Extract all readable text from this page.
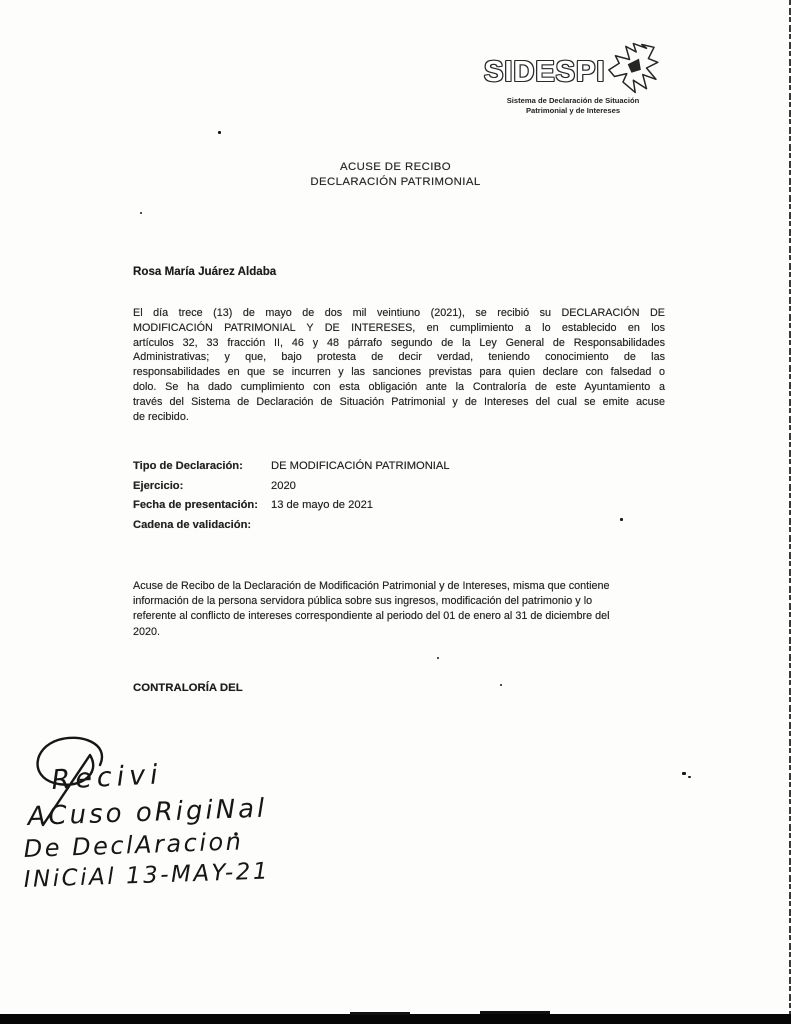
SIDESPI
Sistema de Declaración de Situación
Patrimonial y de Intereses
ACUSE DE RECIBO
DECLARACIÓN PATRIMONIAL
Rosa María Juárez Aldaba
El día trece (13) de mayo de dos mil veintiuno (2021), se recibió su DECLARACIÓN DE
MODIFICACIÓN PATRIMONIAL Y DE INTERESES, en cumplimiento a lo establecido en los
artículos 32, 33 fracción II, 46 y 48 párrafo segundo de la Ley General de Responsabilidades
Administrativas; y que, bajo protesta de decir verdad, teniendo conocimiento de las
responsabilidades en que se incurren y las sanciones previstas para quien declare con falsedad o
dolo. Se ha dado cumplimiento con esta obligación ante la Contraloría de este Ayuntamiento a
través del Sistema de Declaración de Situación Patrimonial y de Intereses del cual se emite acuse
de recibido.
Tipo de Declaración:	DE MODIFICACIÓN PATRIMONIAL
Ejercicio:	2020
Fecha de presentación:	13 de mayo de 2021
Cadena de validación:
Acuse de Recibo de la Declaración de Modificación Patrimonial y de Intereses, misma que contiene
información de la persona servidora pública sobre sus ingresos, modificación del patrimonio y lo
referente al conflicto de intereses correspondiente al periodo del 01 de enero al 31 de diciembre del
2020.
CONTRALORÍA DEL
Recivi
ACuso oRigiNal
De DeclAracion
INiCiAl 13-MAY-21
